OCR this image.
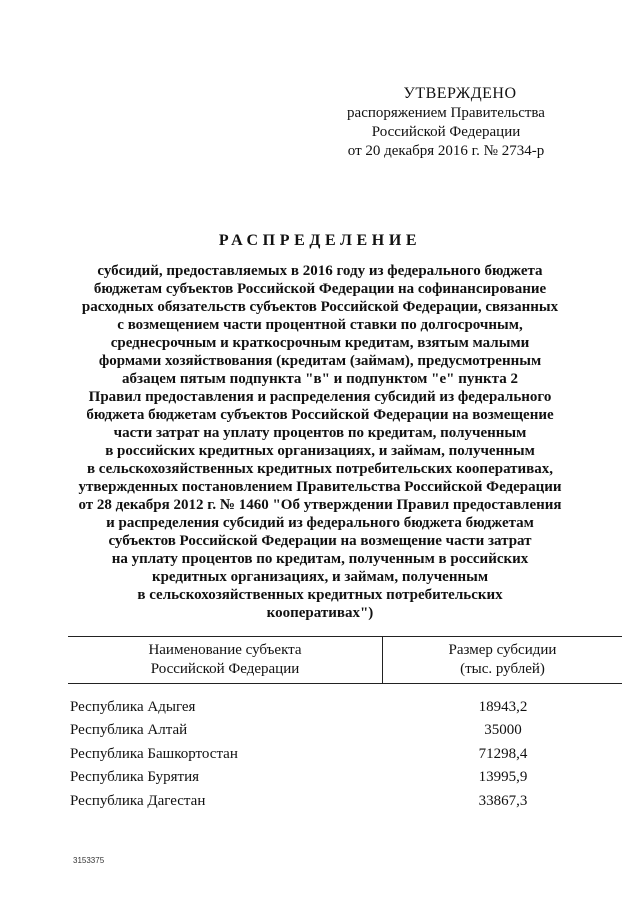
УТВЕРЖДЕНО
распоряжением Правительства
Российской Федерации
от 20 декабря 2016 г. № 2734-р
РАСПРЕДЕЛЕНИЕ
субсидий, предоставляемых в 2016 году из федерального бюджета
бюджетам субъектов Российской Федерации на софинансирование
расходных обязательств субъектов Российской Федерации, связанных
с возмещением части процентной ставки по долгосрочным,
среднесрочным и краткосрочным кредитам, взятым малыми
формами хозяйствования (кредитам (займам), предусмотренным
абзацем пятым подпункта "в" и подпунктом "е" пункта 2
Правил предоставления и распределения субсидий из федерального
бюджета бюджетам субъектов Российской Федерации на возмещение
части затрат на уплату процентов по кредитам, полученным
в российских кредитных организациях, и займам, полученным
в сельскохозяйственных кредитных потребительских кооперативах,
утвержденных постановлением Правительства Российской Федерации
от 28 декабря 2012 г. № 1460 "Об утверждении Правил предоставления
и распределения субсидий из федерального бюджета бюджетам
субъектов Российской Федерации на возмещение части затрат
на уплату процентов по кредитам, полученным в российских
кредитных организациях, и займам, полученным
в сельскохозяйственных кредитных потребительских
кооперативах")
Наименование субъекта
Российской Федерации
Размер субсидии
(тыс. рублей)
Республика Адыгея	18943,2
Республика Алтай	35000
Республика Башкортостан	71298,4
Республика Бурятия	13995,9
Республика Дагестан	33867,3
3153375
